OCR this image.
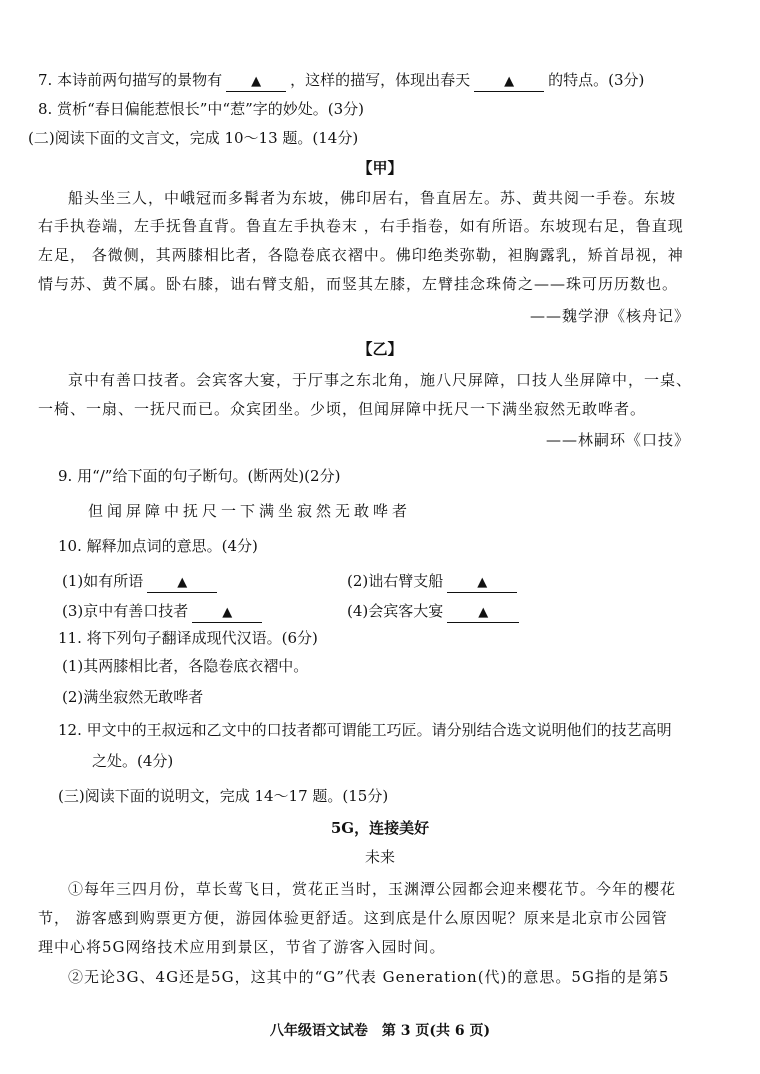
7. 本诗前两句描写的景物有 ▲ ，这样的描写，体现出春天	▲ 的特点。(3分)
8. 赏析“春日偏能惹恨长”中“惹”字的妙处。(3分)
(二)阅读下面的文言文，完成 10～13 题。(14分)
【甲】
船头坐三人，中峨冠而多髯者为东坡，佛印居右，鲁直居左。苏、黄共阅一手卷。东坡
右手执卷端，左手抚鲁直背。鲁直左手执卷末 ，右手指卷，如有所语。东坡现右足，鲁直现
左足， 各微侧，其两膝相比者，各隐卷底衣褶中。佛印绝类弥勒，袒胸露乳，矫首昂视，神
情与苏、黄不属。卧右膝，诎右臂支船，而竖其左膝，左臂挂念珠倚之——珠可历历数也。
——魏学洢《核舟记》
【乙】
京中有善口技者。会宾客大宴，于厅事之东北角，施八尺屏障，口技人坐屏障中，一桌、
一椅、一扇、一抚尺而已。众宾团坐。少顷，但闻屏障中抚尺一下满坐寂然无敢哗者。
——林嗣环《口技》
9. 用“/”给下面的句子断句。(断两处)(2分)
但闻屏障中抚尺一下满坐寂然无敢哗者
10. 解释加点词的意思。(4分)
(1)如有所语	▲	(2)诎右臂支船	▲
(3)京中有善口技者	▲	(4)会宾客大宴	▲
11. 将下列句子翻译成现代汉语。(6分)
(1)其两膝相比者，各隐卷底衣褶中。
(2)满坐寂然无敢哗者
12. 甲文中的王叔远和乙文中的口技者都可谓能工巧匠。请分别结合选文说明他们的技艺高明
之处。(4分)
(三)阅读下面的说明文，完成 14～17 题。(15分)
5G，连接美好
未来
①每年三四月份，草长莺飞日，赏花正当时，玉渊潭公园都会迎来樱花节。今年的樱花
节， 游客感到购票更方便，游园体验更舒适。这到底是什么原因呢？原来是北京市公园管
理中心将5G网络技术应用到景区，节省了游客入园时间。
②无论3G、4G还是5G，这其中的“G”代表 Generation(代)的意思。5G指的是第5
八年级语文试卷　第 3 页(共 6 页)
